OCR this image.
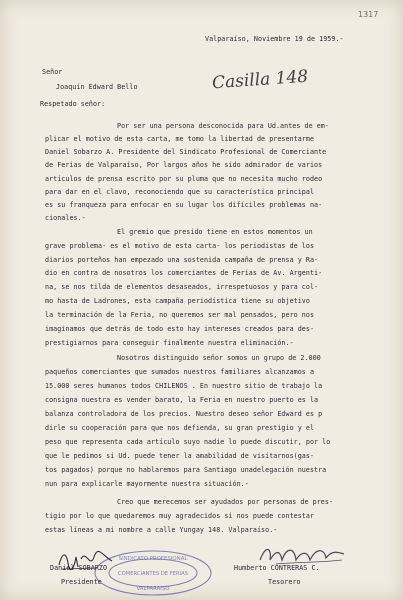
1317
Valparaíso, Noviembre 19 de 1959.-
Señor
Joaquín Edward Bello
Respetado señor:
Casilla 148
Por ser una persona desconocida para Ud.antes de em-
plicar el motivo de esta carta, me tomo la libertad de presentarme
Daniel Sobarzo A. Presidente del Sindicato Profesional de Comerciante
de Ferias de Valparaíso, Por largos años he sido admirador de varios
artículos de prensa escrito por su pluma que no necesita mucho rodeo
para dar en el clavo, reconociendo que su característica principal
es su franqueza para enfocar en su lugar los difíciles problemas na-
cionales.-
El gremio que presido tiene en estos momentos un
grave problema- es el motivo de esta carta- los periodistas de los
diarios porteños han empezado una sostenida campaña de prensa y Ra-
dio en contra de nosotros los comerciantes de Ferias de Av. Argenti-
na, se nos tilda de elementos desaseados, irrespetuosos y para col-
mo hasta de Ladrones, esta campaña periodística tiene su objetivo
la terminación de la Feria, no queremos ser mal pensados, pero nos
imaginamos que detrás de todo esto hay intereses creados para des-
prestigiarnos para conseguir finalmente nuestra eliminación.-
Nosotros distinguido señor somos un grupo de 2.000
paqueños comerciantes que sumados nuestros familiares alcanzamos a
15.000 seres humanos todos CHILENOS . En nuestro sitio de trabajo la
consigna nuestra es vender barato, la Feria en nuestro puerto es la
balanza controladora de los precios. Nuestro deseo señor Edward es p
dirle su cooperación para que nos defienda, su gran prestigio y el
peso que representa cada artículo suyo nadie lo puede discutir, por lo
que le pedimos si Ud. puede tener la amabilidad de visitarnos(gas-
tos pagados) porque no hablaremos para Santiago unadelegación nuestra
nun para explicarle mayormente nuestra situación.-
Creo que merecemos ser ayudados por personas de pres-
tigio por lo que quedaremos muy agradecidos si nos puede contestar
estas líneas a mi nombre a calle Yungay 148. Valparaíso.-
SINDICATO PROFESIONAL
COMERCIANTES DE FERIAS
VALPARAISO
Daniel SOBARZO	Humberto CONTRERAS C.
Presidente	Tesorero
